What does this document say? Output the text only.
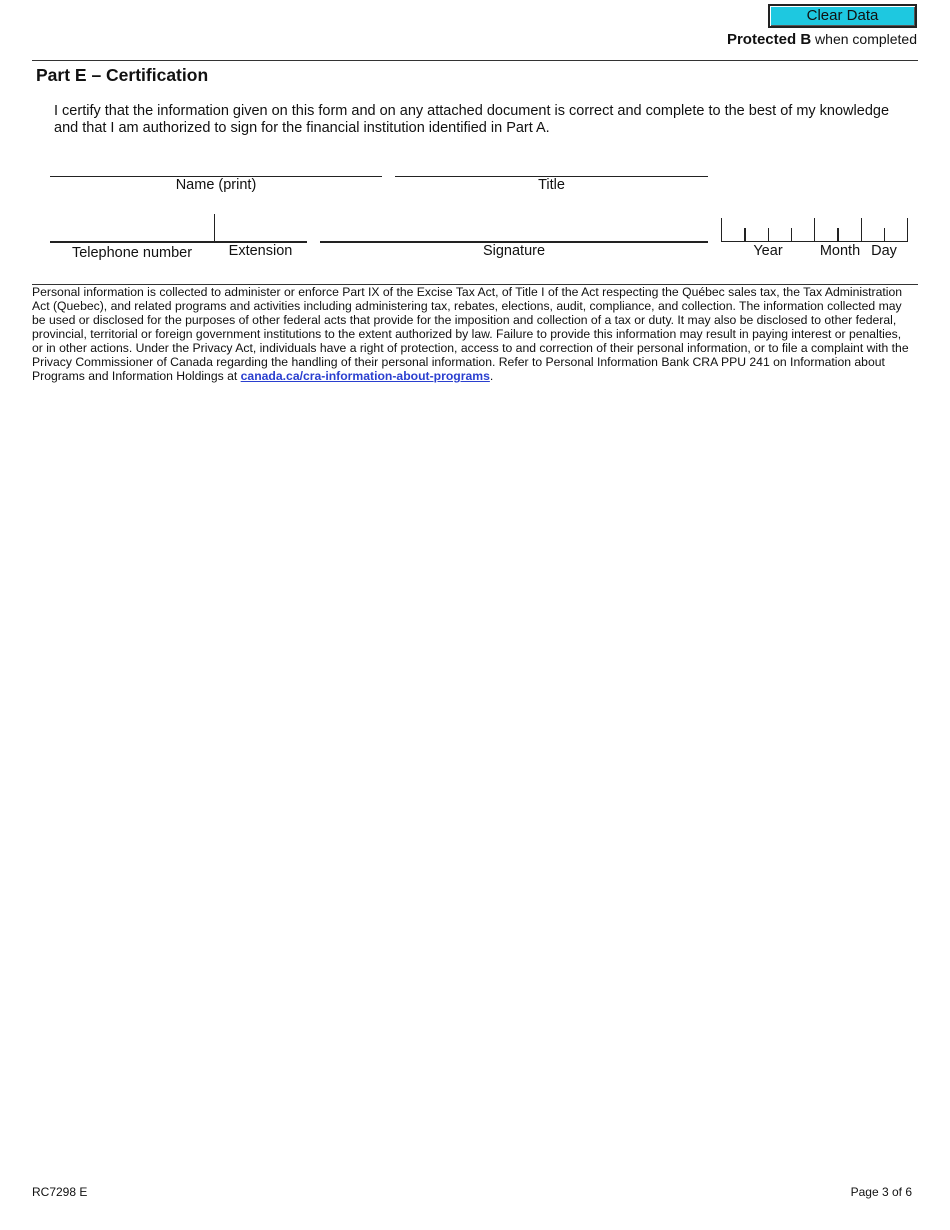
Clear Data
Protected B when completed
Part E – Certification
I certify that the information given on this form and on any attached document is correct and complete to the best of my knowledge and that I am authorized to sign for the financial institution identified in Part A.
Name (print)	Title
Telephone number	Extension	Signature	Year	Month Day
Personal information is collected to administer or enforce Part IX of the Excise Tax Act, of Title I of the Act respecting the Québec sales tax, the Tax Administration Act (Quebec), and related programs and activities including administering tax, rebates, elections, audit, compliance, and collection. The information collected may be used or disclosed for the purposes of other federal acts that provide for the imposition and collection of a tax or duty. It may also be disclosed to other federal, provincial, territorial or foreign government institutions to the extent authorized by law. Failure to provide this information may result in paying interest or penalties, or in other actions. Under the Privacy Act, individuals have a right of protection, access to and correction of their personal information, or to file a complaint with the Privacy Commissioner of Canada regarding the handling of their personal information. Refer to Personal Information Bank CRA PPU 241 on Information about Programs and Information Holdings at canada.ca/cra-information-about-programs.
RC7298 E	Page 3 of 6
